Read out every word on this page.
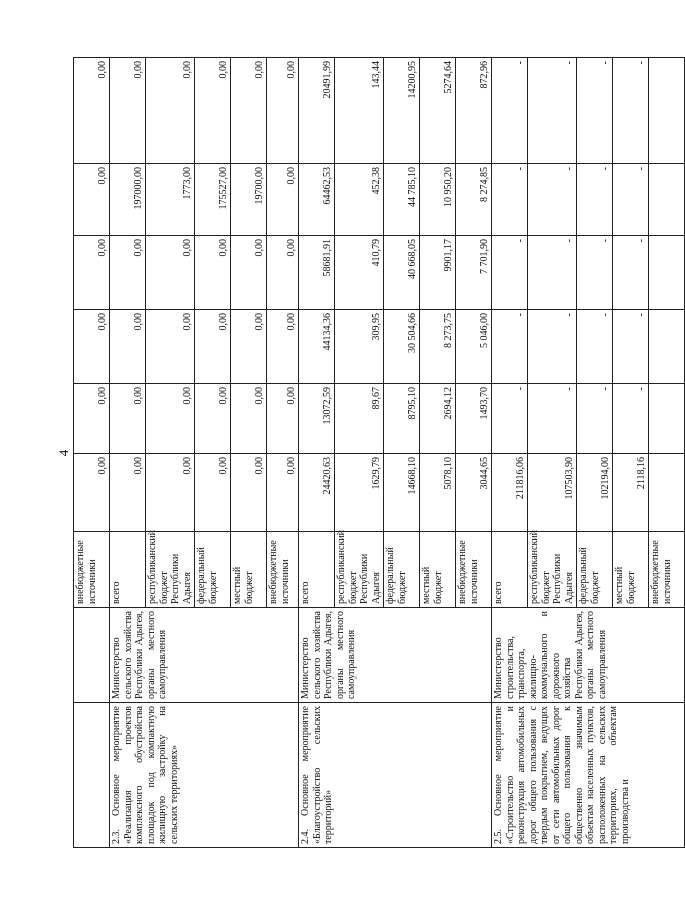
4
		внебюджетные источники	0,00	0,00	0,00	0,00	0,00	0,00	
2.3. Основное мероприятие «Реализация проектов комплексного обустройства площадок под компактную жилищную застройку на сельских территориях»	Министерство сельского хозяйства Республики Адыгея, органы местного самоуправления	всего	0,00	0,00	0,00	0,00	197000,00	0,00	
		республиканский бюджет Республики Адыгея	0,00	0,00	0,00	0,00	1773,00	0,00	
		федеральный бюджет	0,00	0,00	0,00	0,00	175527,00	0,00	
		местный бюджет	0,00	0,00	0,00	0,00	19700,00	0,00	
		внебюджетные источники	0,00	0,00	0,00	0,00	0,00	0,00	
2.4. Основное мероприятие «Благоустройство сельских территорий»	Министерство сельского хозяйства Республики Адыгея, органы местного самоуправления	всего	24420,63	13072,59	44134,36	58681,91	64462,53	20491,99	
		республиканский бюджет Республики Адыгея	1629,79	89,67	309,95	410,79	452,38	143,44	
		федеральный бюджет	14668,10	8795,10	30 504,66	40 668,05	44 785,10	14200,95	
		местный бюджет	5078,10	2694,12	8 273,75	9901,17	10 950,20	5274,64	
		внебюджетные источники	3044,65	1493,70	5 046,00	7 701,90	8 274,85	872,96	
2.5. Основное мероприятие «Строительство и реконструкция автомобильных дорог общего пользования с твердым покрытием, ведущих от сети автомобильных дорог общего пользования к общественно значимым объектам населенных пунктов, расположенных на сельских территориях, объектам производства и	Министерство строительства, транспорта, жилищно-коммунального и дорожного хозяйства Республики Адыгея, органы местного самоуправления	всего	211816,06	-	-	-	-	-	
		республиканский бюджет Республики Адыгея	107503,90	-	-	-	-	-	
		федеральный бюджет	102194,00	-	-	-	-	-	
		местный бюджет	2118,16	-	-	-	-	-	
		внебюджетные источники							
